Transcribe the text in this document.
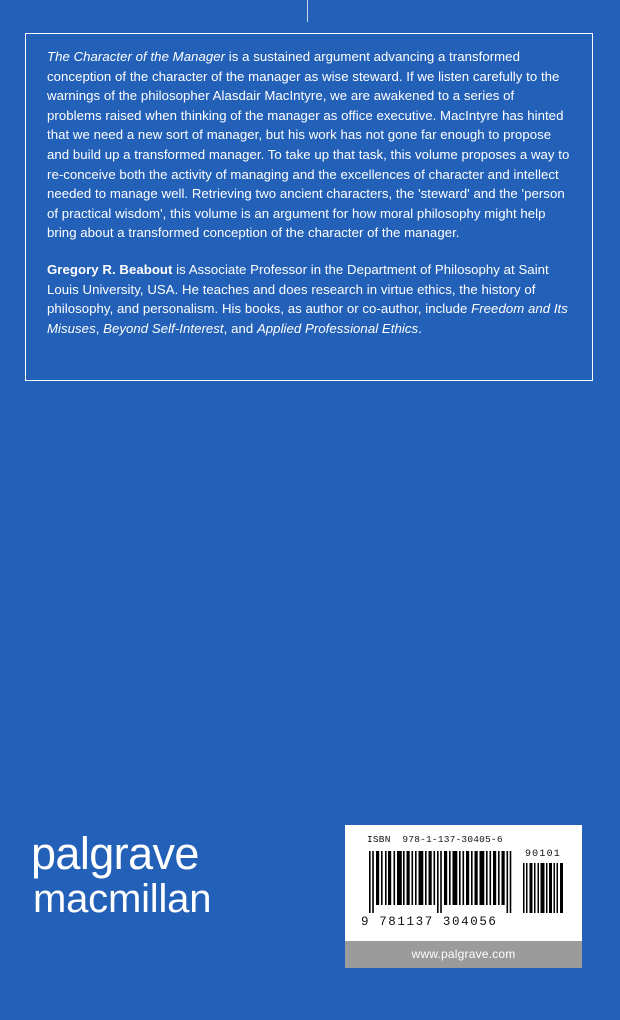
The Character of the Manager is a sustained argument advancing a transformed conception of the character of the manager as wise steward. If we listen carefully to the warnings of the philosopher Alasdair MacIntyre, we are awakened to a series of problems raised when thinking of the manager as office executive. MacIntyre has hinted that we need a new sort of manager, but his work has not gone far enough to propose and build up a transformed manager. To take up that task, this volume proposes a way to re-conceive both the activity of managing and the excellences of character and intellect needed to manage well. Retrieving two ancient characters, the 'steward' and the 'person of practical wisdom', this volume is an argument for how moral philosophy might help bring about a transformed conception of the character of the manager.

Gregory R. Beabout is Associate Professor in the Department of Philosophy at Saint Louis University, USA. He teaches and does research in virtue ethics, the history of philosophy, and personalism. His books, as author or co-author, include Freedom and Its Misuses, Beyond Self-Interest, and Applied Professional Ethics.

palgrave
macmillan
ISBN 978-1-137-30405-6
90101
9 781137 304056
www.palgrave.com
